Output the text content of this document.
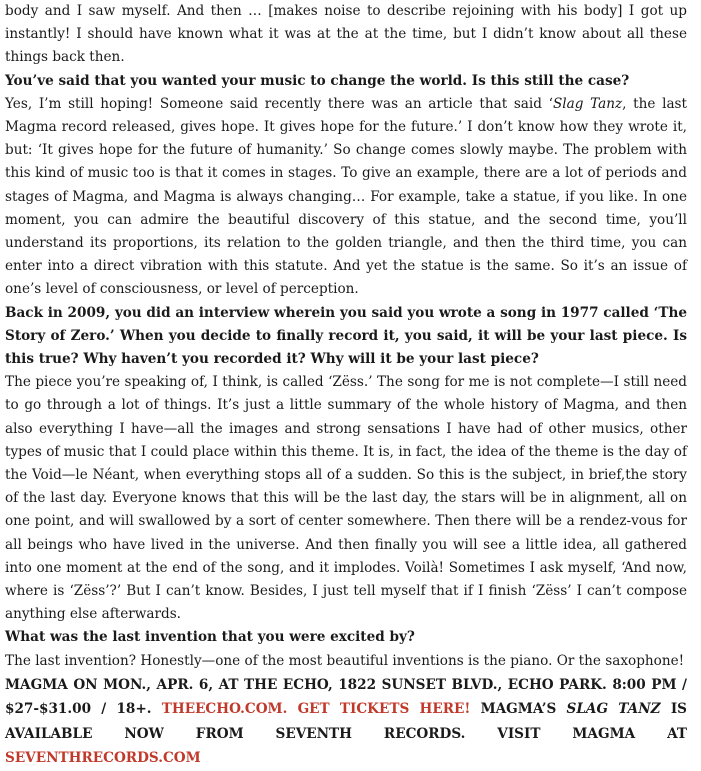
body and I saw myself. And then … [makes noise to describe rejoining with his body] I got up instantly! I should have known what it was at the at the time, but I didn’t know about all these things back then.

You’ve said that you wanted your music to change the world. Is this still the case?

Yes, I’m still hoping! Someone said recently there was an article that said ‘Slag Tanz, the last Magma record released, gives hope. It gives hope for the future.’ I don’t know how they wrote it, but: ‘It gives hope for the future of humanity.’ So change comes slowly maybe. The problem with this kind of music too is that it comes in stages. To give an example, there are a lot of periods and stages of Magma, and Magma is always changing… For example, take a statue, if you like. In one moment, you can admire the beautiful discovery of this statue, and the second time, you’ll understand its proportions, its relation to the golden triangle, and then the third time, you can enter into a direct vibration with this statute. And yet the statue is the same. So it’s an issue of one’s level of consciousness, or level of perception.

Back in 2009, you did an interview wherein you said you wrote a song in 1977 called ‘The Story of Zero.’ When you decide to finally record it, you said, it will be your last piece. Is this true? Why haven’t you recorded it? Why will it be your last piece?

The piece you’re speaking of, I think, is called ‘Zëss.’ The song for me is not complete—I still need to go through a lot of things. It’s just a little summary of the whole history of Magma, and then also everything I have—all the images and strong sensations I have had of other musics, other types of music that I could place within this theme. It is, in fact, the idea of the theme is the day of the Void—le Néant, when everything stops all of a sudden. So this is the subject, in brief,the story of the last day. Everyone knows that this will be the last day, the stars will be in alignment, all on one point, and will swallowed by a sort of center somewhere. Then there will be a rendez-vous for all beings who have lived in the universe. And then finally you will see a little idea, all gathered into one moment at the end of the song, and it implodes. Voilà! Sometimes I ask myself, ‘And now, where is ‘Zëss’?’ But I can’t know. Besides, I just tell myself that if I finish ‘Zëss’ I can’t compose anything else afterwards.

What was the last invention that you were excited by?

The last invention? Honestly—one of the most beautiful inventions is the piano. Or the saxophone!

MAGMA ON MON., APR. 6, AT THE ECHO, 1822 SUNSET BLVD., ECHO PARK. 8:00 PM / $27-$31.00 / 18+. THEECHO.COM. GET TICKETS HERE! MAGMA’S SLAG TANZ IS AVAILABLE NOW FROM SEVENTH RECORDS. VISIT MAGMA AT SEVENTHRECORDS.COM
